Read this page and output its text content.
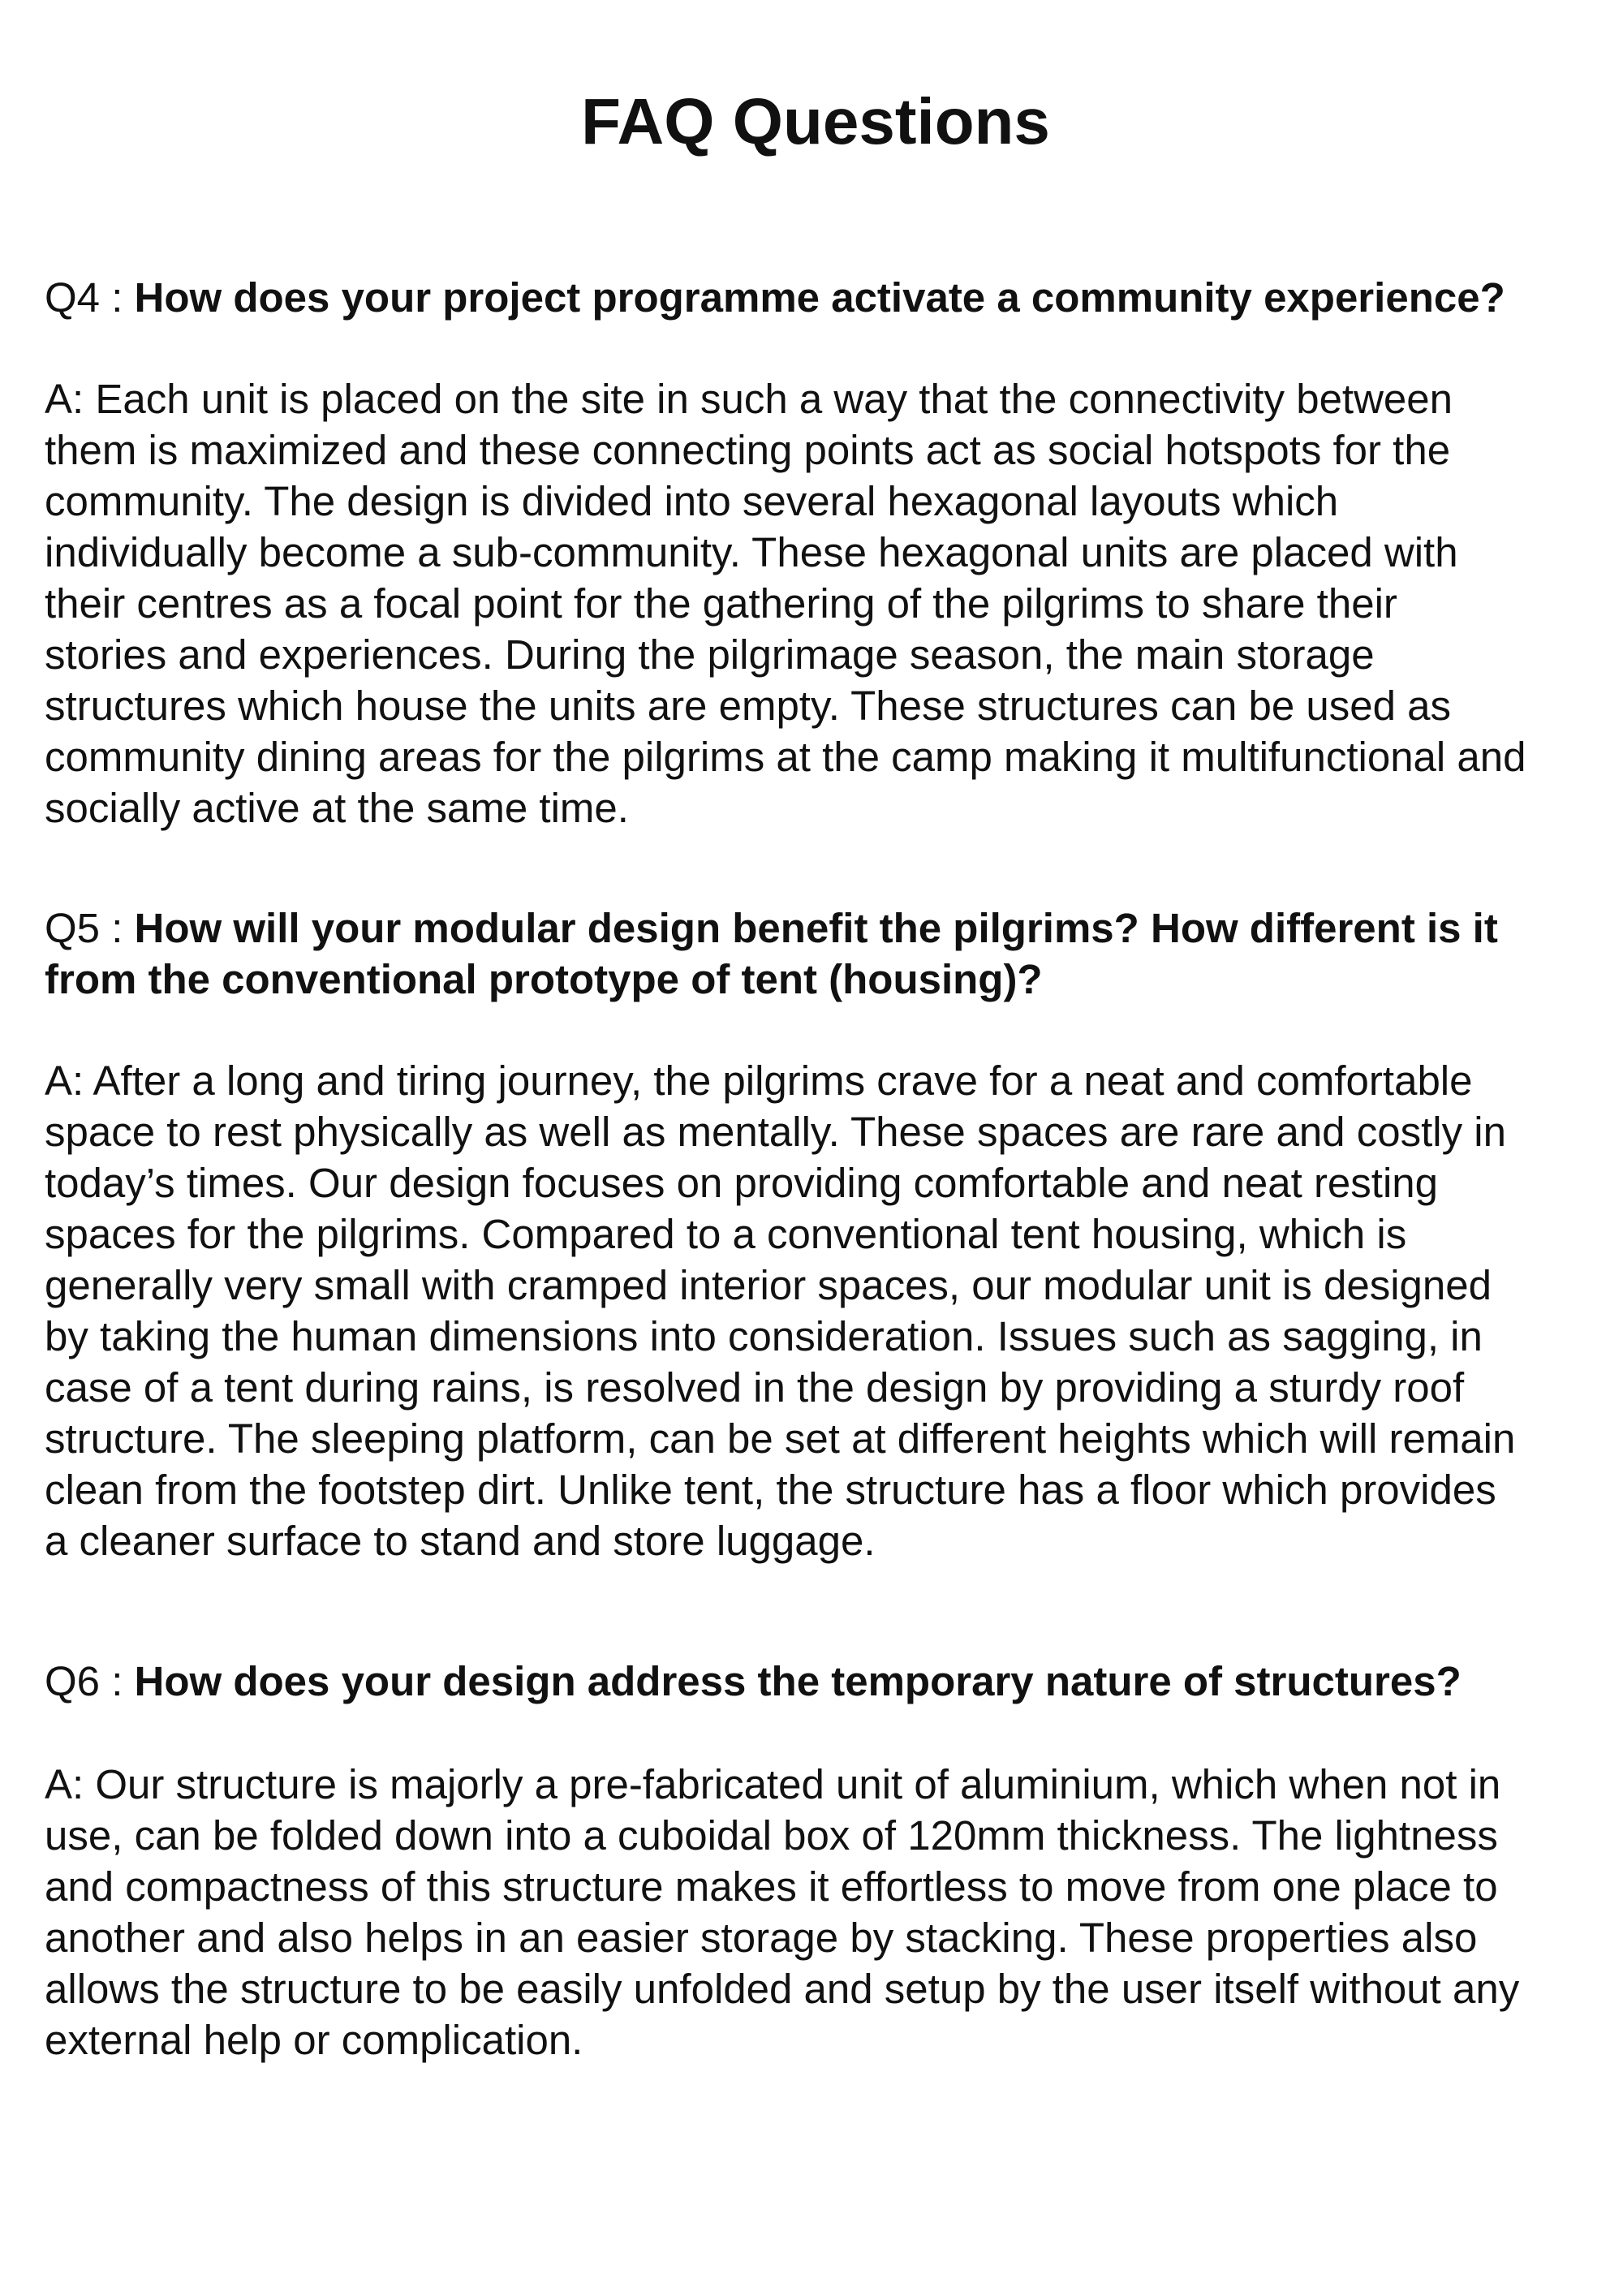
FAQ Questions
Q4 : How does your project programme activate a community experience?

A: Each unit is placed on the site in such a way that the connectivity between
them is maximized and these connecting points act as social hotspots for the
community. The design is divided into several hexagonal layouts which
individually become a sub-community. These hexagonal units are placed with
their centres as a focal point for the gathering of the pilgrims to share their
stories and experiences. During the pilgrimage season, the main storage
structures which house the units are empty. These structures can be used as
community dining areas for the pilgrims at the camp making it multifunctional and
socially active at the same time.

Q5 : How will your modular design benefit the pilgrims? How different is it
from the conventional prototype of tent (housing)?

A: After a long and tiring journey, the pilgrims crave for a neat and comfortable
space to rest physically as well as mentally. These spaces are rare and costly in
today’s times. Our design focuses on providing comfortable and neat resting
spaces for the pilgrims. Compared to a conventional tent housing, which is
generally very small with cramped interior spaces, our modular unit is designed
by taking the human dimensions into consideration. Issues such as sagging, in
case of a tent during rains, is resolved in the design by providing a sturdy roof
structure. The sleeping platform, can be set at different heights which will remain
clean from the footstep dirt. Unlike tent, the structure has a floor which provides
a cleaner surface to stand and store luggage.

Q6 : How does your design address the temporary nature of structures?

A: Our structure is majorly a pre-fabricated unit of aluminium, which when not in
use, can be folded down into a cuboidal box of 120mm thickness. The lightness
and compactness of this structure makes it effortless to move from one place to
another and also helps in an easier storage by stacking. These properties also
allows the structure to be easily unfolded and setup by the user itself without any
external help or complication.
